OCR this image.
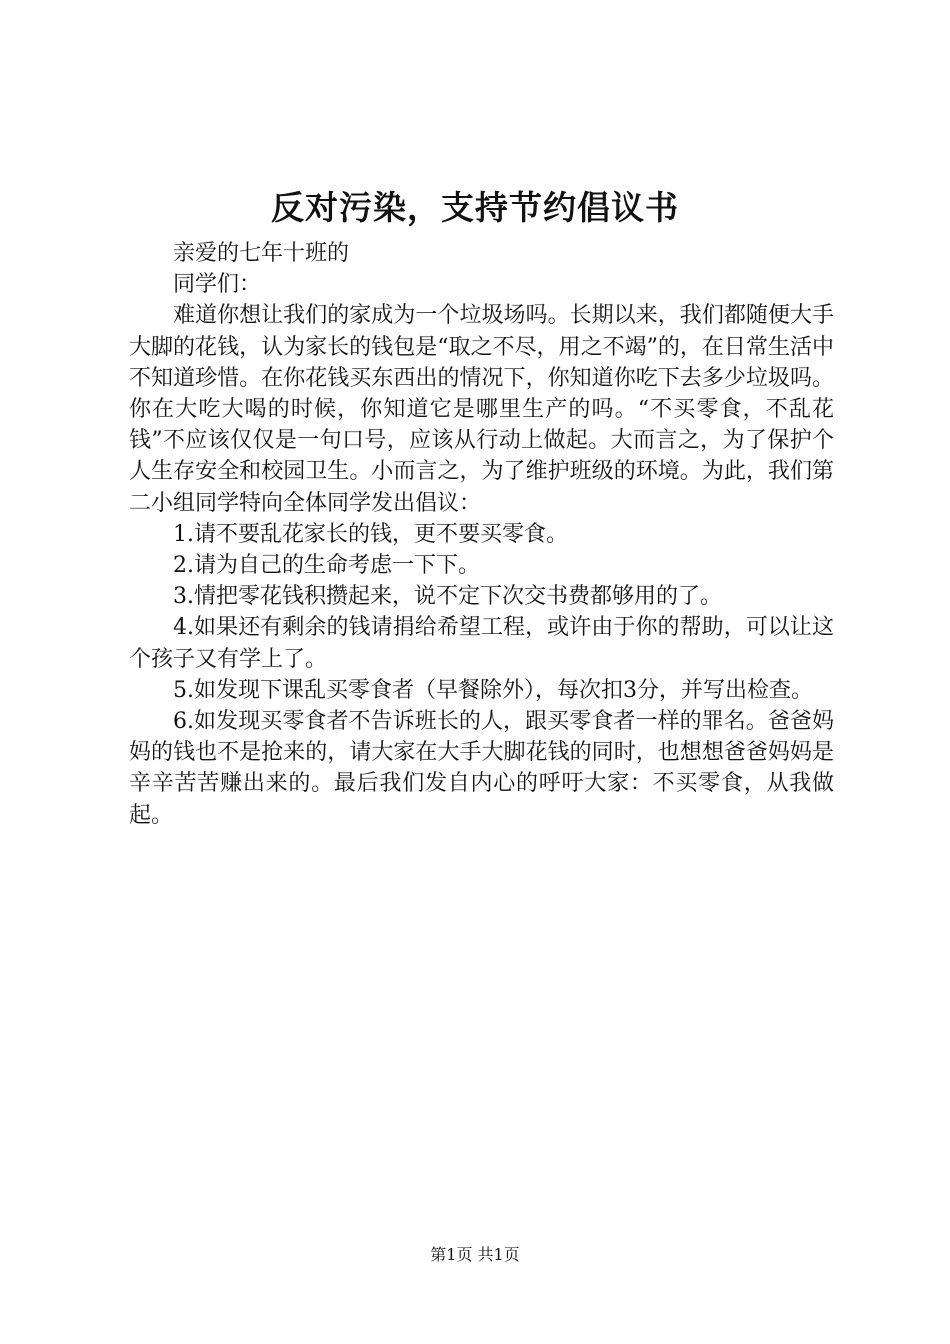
反对污染，支持节约倡议书

亲爱的七年十班的

同学们：

难道你想让我们的家成为一个垃圾场吗。长期以来，我们都随便大手大脚的花钱，认为家长的钱包是“取之不尽，用之不竭”的，在日常生活中不知道珍惜。在你花钱买东西出的情况下，你知道你吃下去多少垃圾吗。你在大吃大喝的时候，你知道它是哪里生产的吗。“不买零食，不乱花钱”不应该仅仅是一句口号，应该从行动上做起。大而言之，为了保护个人生存安全和校园卫生。小而言之，为了维护班级的环境。为此，我们第二小组同学特向全体同学发出倡议：

1.请不要乱花家长的钱，更不要买零食。

2.请为自己的生命考虑一下下。

3.情把零花钱积攒起来，说不定下次交书费都够用的了。

4.如果还有剩余的钱请捐给希望工程，或许由于你的帮助，可以让这个孩子又有学上了。

5.如发现下课乱买零食者（早餐除外），每次扣3分，并写出检查。

6.如发现买零食者不告诉班长的人，跟买零食者一样的罪名。爸爸妈妈的钱也不是抢来的，请大家在大手大脚花钱的同时，也想想爸爸妈妈是辛辛苦苦赚出来的。最后我们发自内心的呼吁大家：不买零食，从我做起。

第1页 共1页
